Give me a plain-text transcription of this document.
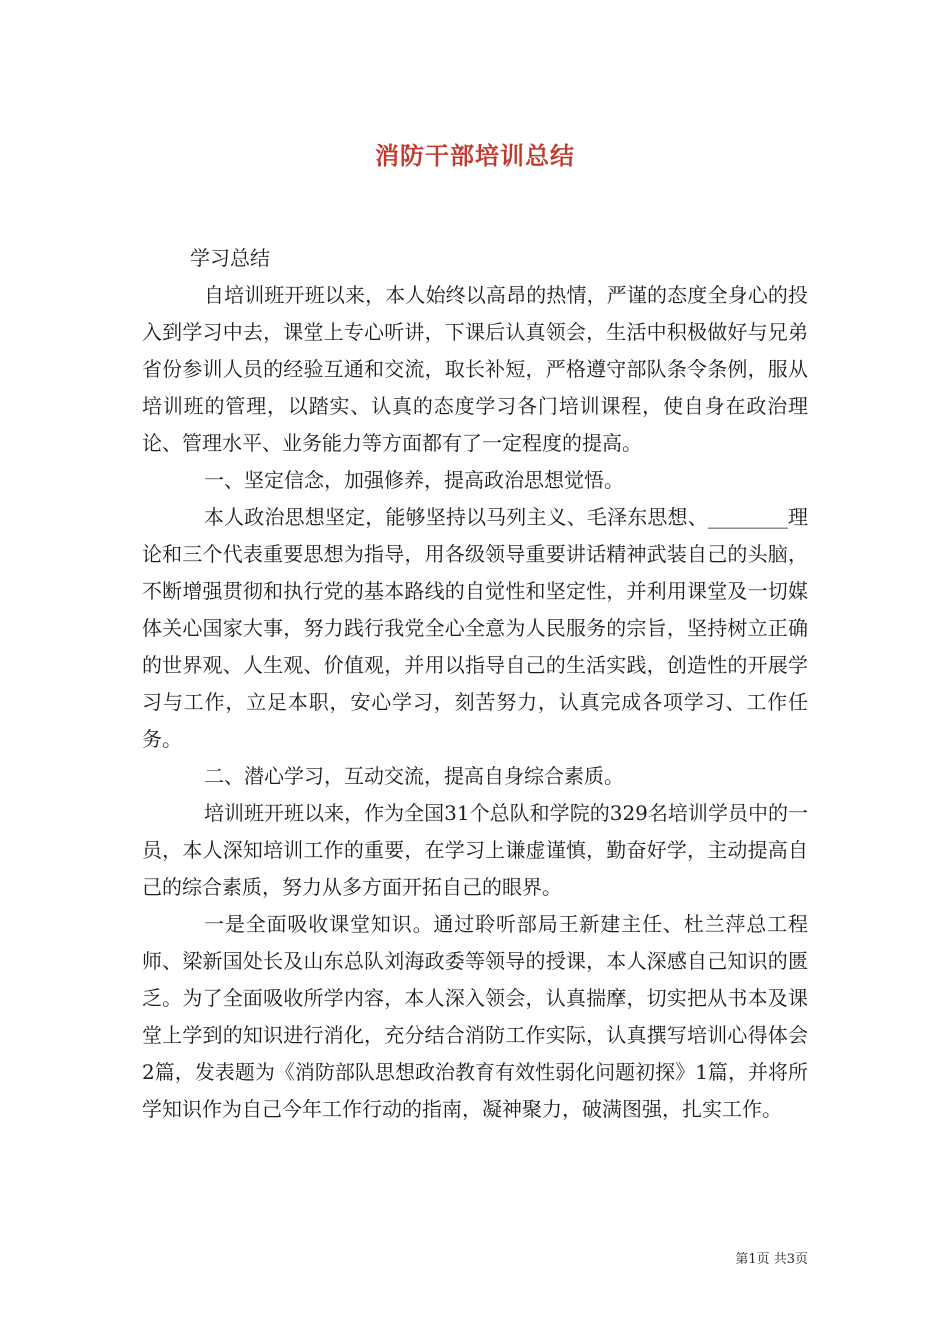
消防干部培训总结

学习总结

自培训班开班以来，本人始终以高昂的热情，严谨的态度全身心的投入到学习中去，课堂上专心听讲，下课后认真领会，生活中积极做好与兄弟省份参训人员的经验互通和交流，取长补短，严格遵守部队条令条例，服从培训班的管理，以踏实、认真的态度学习各门培训课程，使自身在政治理论、管理水平、业务能力等方面都有了一定程度的提高。

一、坚定信念，加强修养，提高政治思想觉悟。

本人政治思想坚定，能够坚持以马列主义、毛泽东思想、________理论和三个代表重要思想为指导，用各级领导重要讲话精神武装自己的头脑，不断增强贯彻和执行党的基本路线的自觉性和坚定性，并利用课堂及一切媒体关心国家大事，努力践行我党全心全意为人民服务的宗旨，坚持树立正确的世界观、人生观、价值观，并用以指导自己的生活实践，创造性的开展学习与工作，立足本职，安心学习，刻苦努力，认真完成各项学习、工作任务。

二、潜心学习，互动交流，提高自身综合素质。

培训班开班以来，作为全国31个总队和学院的329名培训学员中的一员，本人深知培训工作的重要，在学习上谦虚谨慎，勤奋好学，主动提高自己的综合素质，努力从多方面开拓自己的眼界。

一是全面吸收课堂知识。通过聆听部局王新建主任、杜兰萍总工程师、梁新国处长及山东总队刘海政委等领导的授课，本人深感自己知识的匮乏。为了全面吸收所学内容，本人深入领会，认真揣摩，切实把从书本及课堂上学到的知识进行消化，充分结合消防工作实际，认真撰写培训心得体会2篇，发表题为《消防部队思想政治教育有效性弱化问题初探》1篇，并将所学知识作为自己今年工作行动的指南，凝神聚力，破满图强，扎实工作。

第1页 共3页
